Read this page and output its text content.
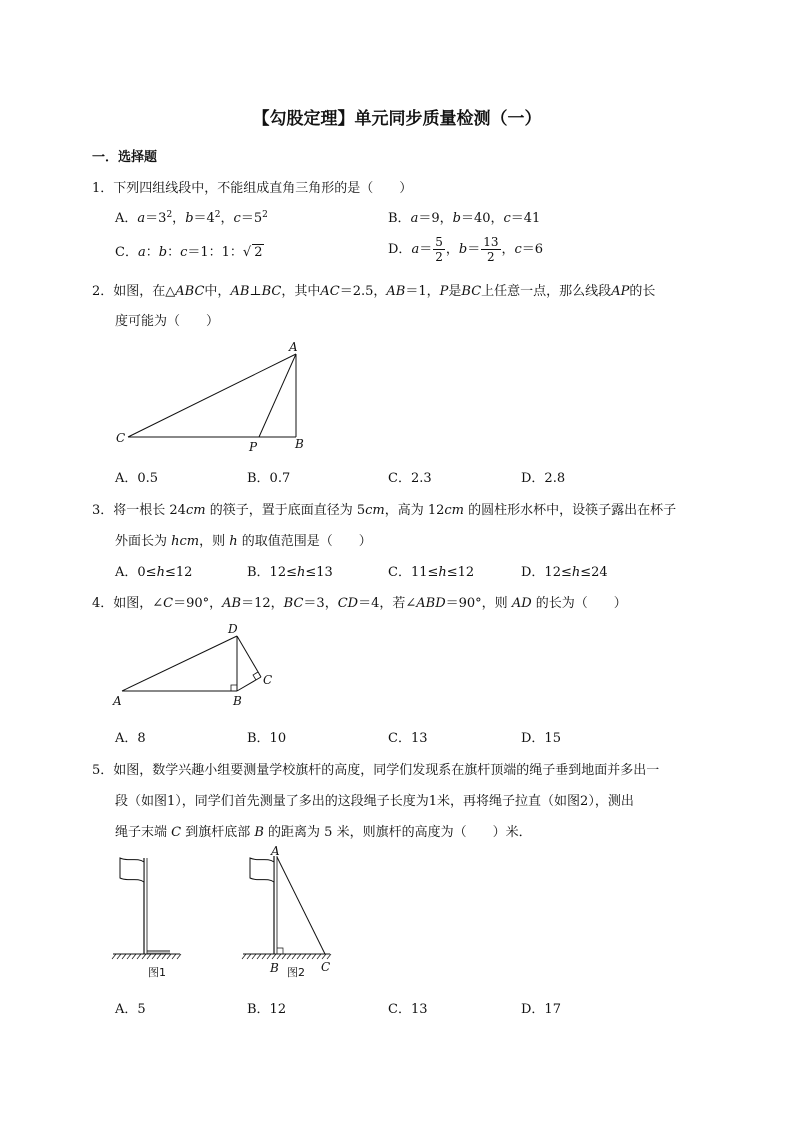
【勾股定理】单元同步质量检测（一）
一．选择题
1．下列四组线段中，不能组成直角三角形的是（　　）
A．$a=3^2$，$b=4^2$，$c=5^2$	B．a＝9，b＝40，c＝41
C．a：b：c＝1：1：√ 2	D．$a= \frac{5}{2}$ ，$b= \frac{13}{2}$ ，c＝6
2．如图，在△ABC中，AB⊥BC，其中AC＝2.5，AB＝1，P是BC上任意一点，那么线段AP的长
度可能为（　　）
A
C
P	B
A．0.5	B．0.7	C．2.3	D．2.8
3．将一根长 24cm 的筷子，置于底面直径为 5cm，高为 12cm 的圆柱形水杯中，设筷子露出在杯子
外面长为 hcm，则 h 的取值范围是（　　）
A．0≤h≤12	B．12≤h≤13	C．11≤h≤12	D．12≤h≤24
4．如图，∠C＝90°，AB＝12，BC＝3，CD＝4，若∠ABD＝90°，则 AD 的长为（　　）
D
C
A	B
A．8	B．10	C．13	D．15
5．如图，数学兴趣小组要测量学校旗杆的高度，同学们发现系在旗杆顶端的绳子垂到地面并多出一
段（如图1），同学们首先测量了多出的这段绳子长度为1米，再将绳子拉直（如图2），测出
绳子末端 C 到旗杆底部 B 的距离为 5 米，则旗杆的高度为（　　）米．
图1
A
B	C
图2
A．5	B．12	C．13	D．17
